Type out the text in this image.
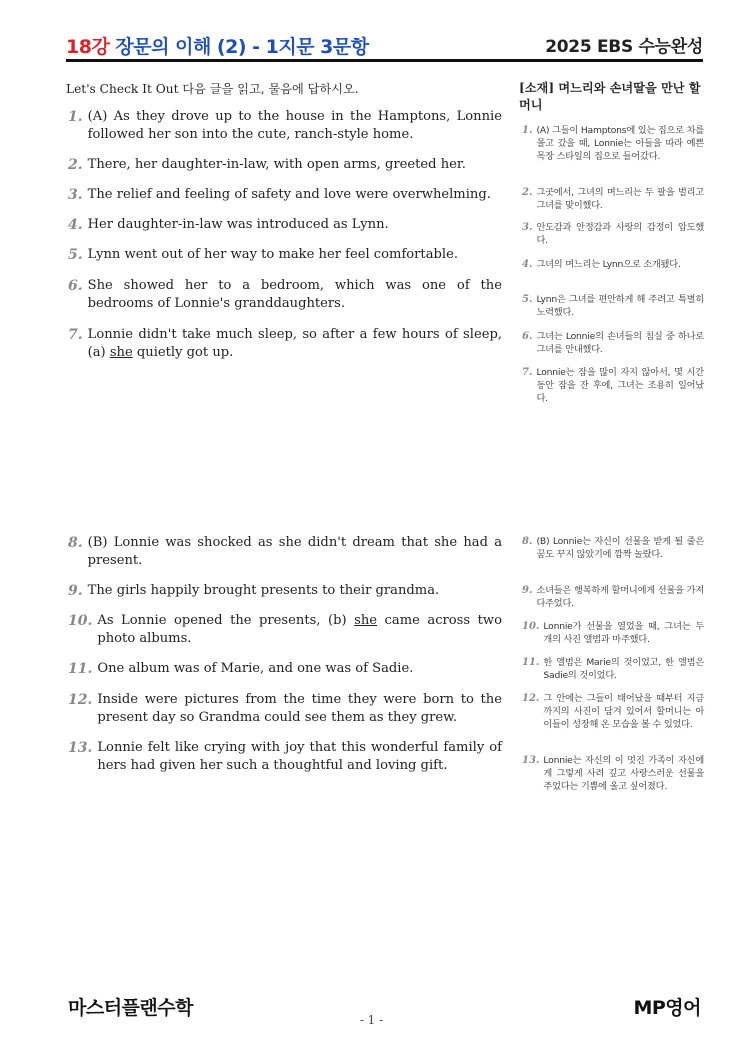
18강 장문의 이해 (2) - 1지문 3문항	2025 EBS 수능완성
Let's Check It Out 다음 글을 읽고, 물음에 답하시오.	[소재] 며느리와 손녀딸을 만난 할머니
1. (A) As they drove up to the house in the Hamptons, Lonnie followed her son into the cute, ranch-style home.
2. There, her daughter-in-law, with open arms, greeted her.
3. The relief and feeling of safety and love were overwhelming.
4. Her daughter-in-law was introduced as Lynn.
5. Lynn went out of her way to make her feel comfortable.
6. She showed her to a bedroom, which was one of the bedrooms of Lonnie's granddaughters.
7. Lonnie didn't take much sleep, so after a few hours of sleep, (a) she quietly got up.
8. (B) Lonnie was shocked as she didn't dream that she had a present.
9. The girls happily brought presents to their grandma.
10. As Lonnie opened the presents, (b) she came across two photo albums.
11. One album was of Marie, and one was of Sadie.
12. Inside were pictures from the time they were born to the present day so Grandma could see them as they grew.
13. Lonnie felt like crying with joy that this wonderful family of hers had given her such a thoughtful and loving gift.
1. (A) 그들이 Hamptons에 있는 집으로 차를 몰고 갔을 때, Lonnie는 아들을 따라 예쁜 목장 스타일의 집으로 들어갔다.
2. 그곳에서, 그녀의 며느리는 두 팔을 벌리고 그녀를 맞이했다.
3. 안도감과 안정감과 사랑의 감정이 압도했다.
4. 그녀의 며느리는 Lynn으로 소개됐다.
5. Lynn은 그녀를 편안하게 해 주려고 특별히 노력했다.
6. 그녀는 Lonnie의 손녀들의 침실 중 하나로 그녀를 안내했다.
7. Lonnie는 잠을 많이 자지 않아서, 몇 시간 동안 잠을 잔 후에, 그녀는 조용히 일어났다.
8. (B) Lonnie는 자신이 선물을 받게 될 줄은 꿈도 꾸지 않았기에 깜짝 놀랐다.
9. 소녀들은 행복하게 할머니에게 선물을 가져다주었다.
10. Lonnie가 선물을 열었을 때, 그녀는 두 개의 사진 앨범과 마주했다.
11. 한 앨범은 Marie의 것이었고, 한 앨범은 Sadie의 것이었다.
12. 그 안에는 그들이 태어났을 때부터 지금까지의 사진이 담겨 있어서 할머니는 아이들이 성장해 온 모습을 볼 수 있었다.
13. Lonnie는 자신의 이 멋진 가족이 자신에게 그렇게 사려 깊고 사랑스러운 선물을 주었다는 기쁨에 울고 싶어졌다.
마스터플랜수학	MP영어
- 1 -
